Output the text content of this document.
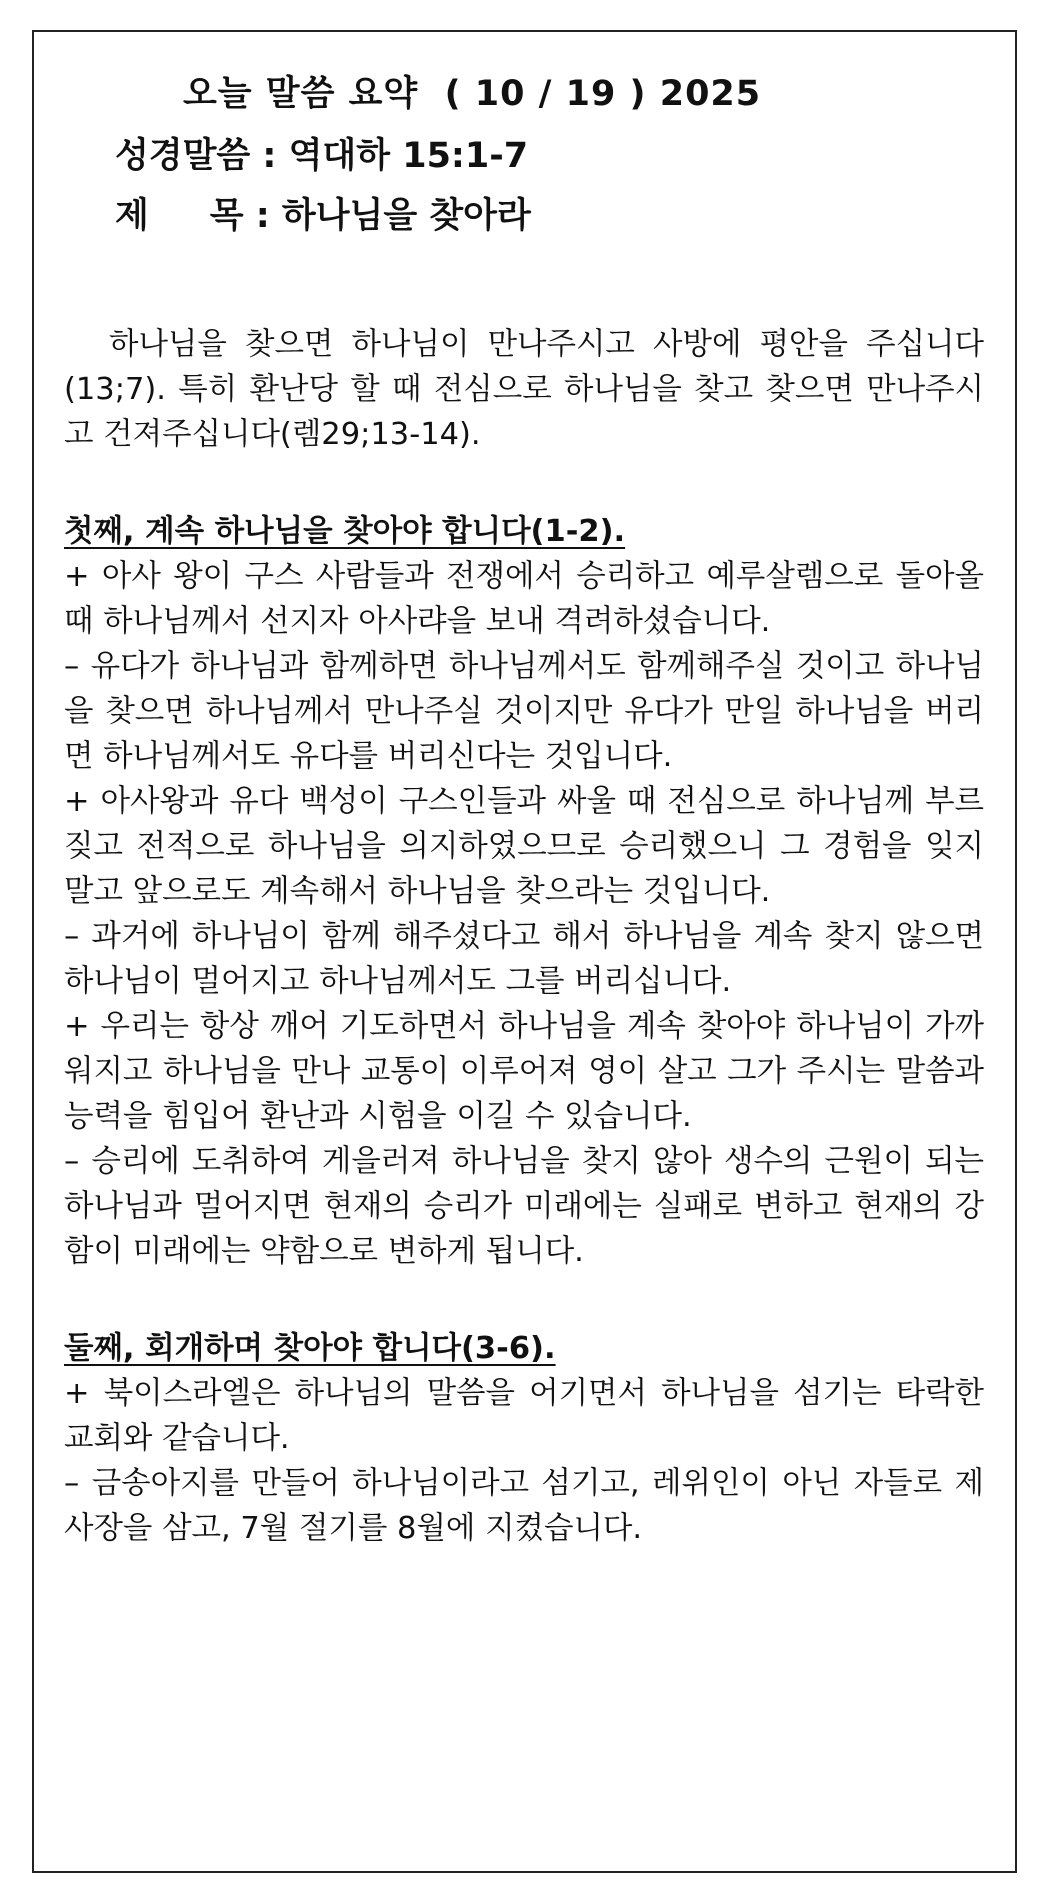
오늘 말씀 요약  ( 10 / 19 ) 2025
성경말씀 : 역대하 15:1-7
제     목 : 하나님을 찾아라

하나님을 찾으면 하나님이 만나주시고 사방에 평안을 주십니다(13;7). 특히 환난당 할 때 전심으로 하나님을 찾고 찾으면 만나주시고 건져주십니다(렘29;13-14).

첫째, 계속 하나님을 찾아야 합니다(1-2).

+ 아사 왕이 구스 사람들과 전쟁에서 승리하고 예루살렘으로 돌아올 때 하나님께서 선지자 아사랴을 보내 격려하셨습니다.

– 유다가 하나님과 함께하면 하나님께서도 함께해주실 것이고 하나님을 찾으면 하나님께서 만나주실 것이지만 유다가 만일 하나님을 버리면 하나님께서도 유다를 버리신다는 것입니다.

+ 아사왕과 유다 백성이 구스인들과 싸울 때 전심으로 하나님께 부르짖고 전적으로 하나님을 의지하였으므로 승리했으니 그 경험을 잊지 말고 앞으로도 계속해서 하나님을 찾으라는 것입니다.

– 과거에 하나님이 함께 해주셨다고 해서 하나님을 계속 찾지 않으면 하나님이 멀어지고 하나님께서도 그를 버리십니다.

+ 우리는 항상 깨어 기도하면서 하나님을 계속 찾아야 하나님이 가까워지고 하나님을 만나 교통이 이루어져 영이 살고 그가 주시는 말씀과 능력을 힘입어 환난과 시험을 이길 수 있습니다.

– 승리에 도취하여 게을러져 하나님을 찾지 않아 생수의 근원이 되는 하나님과 멀어지면 현재의 승리가 미래에는 실패로 변하고 현재의 강함이 미래에는 약함으로 변하게 됩니다.

둘째, 회개하며 찾아야 합니다(3-6).

+ 북이스라엘은 하나님의 말씀을 어기면서 하나님을 섬기는 타락한 교회와 같습니다.

– 금송아지를 만들어 하나님이라고 섬기고, 레위인이 아닌 자들로 제사장을 삼고, 7월 절기를 8월에 지켰습니다.
